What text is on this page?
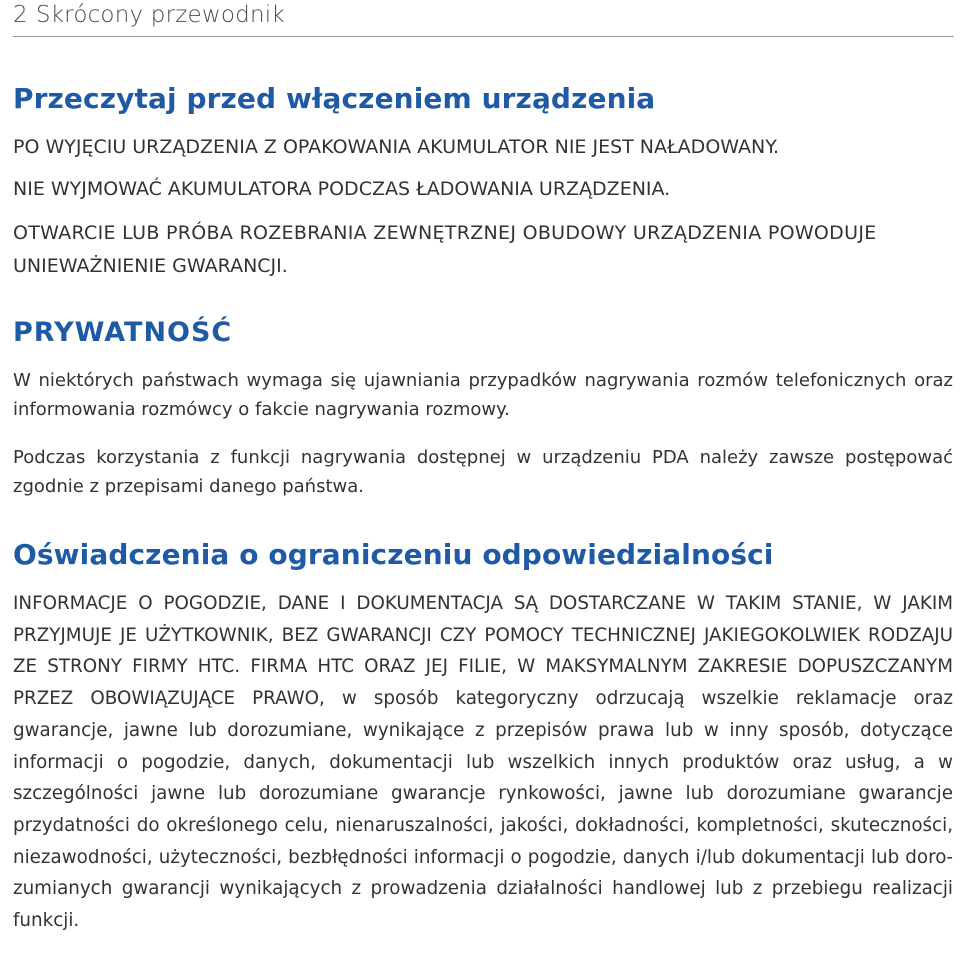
2 Skrócony przewodnik
Przeczytaj przed włączeniem urządzenia

PO WYJĘCIU URZĄDZENIA Z OPAKOWANIA AKUMULATOR NIE JEST NAŁADOWANY.

NIE WYJMOWAĆ AKUMULATORA PODCZAS ŁADOWANIA URZĄDZENIA.

OTWARCIE LUB PRÓBA ROZEBRANIA ZEWNĘTRZNEJ OBUDOWY URZĄDZENIA POWODUJE

UNIEWAŻNIENIE GWARANCJI.

PRYWATNOŚĆ

W niektórych państwach wymaga się ujawniania przypadków nagrywania rozmów telefonicznych oraz informowania rozmówcy o fakcie nagrywania rozmowy.

Podczas korzystania z funkcji nagrywania dostępnej w urządzeniu PDA należy zawsze postępować zgodnie z przepisami danego państwa.

Oświadczenia o ograniczeniu odpowiedzialności

INFORMACJE O POGODZIE, DANE I DOKUMENTACJA SĄ DOSTARCZANE W TAKIM STANIE, W JAKIM PRZYJMUJE JE UŻYTKOWNIK, BEZ GWARANCJI CZY POMOCY TECHNICZNEJ JAKIEGOKOLWIEK RODZAJU ZE STRONY FIRMY HTC. FIRMA HTC ORAZ JEJ FILIE, W MAKSYMALNYM ZAKRESIE DOPUSZCZANYM PRZEZ OBOWIĄZUJĄCE PRAWO, w sposób kategoryczny odrzucają wszelkie reklamacje oraz gwarancje, jawne lub dorozumiane, wynikające z przepisów prawa lub w inny sposób, dotyczące informacji o pogodzie, danych, dokumentacji lub wszelkich innych produktów oraz usług, a w szczególności jawne lub dorozumiane gwarancje rynkowości, jawne lub dorozumiane gwarancje przydatności do określonego celu, nienaruszalności, jakości, dokładności, kompletności, skuteczności, niezawodności, użyteczności, bezbłędności informacji o pogodzie, danych i/lub dokumentacji lub dorozumianych gwarancji wynikających z prowadzenia działalności handlowej lub z przebiegu realizacji funkcji.
